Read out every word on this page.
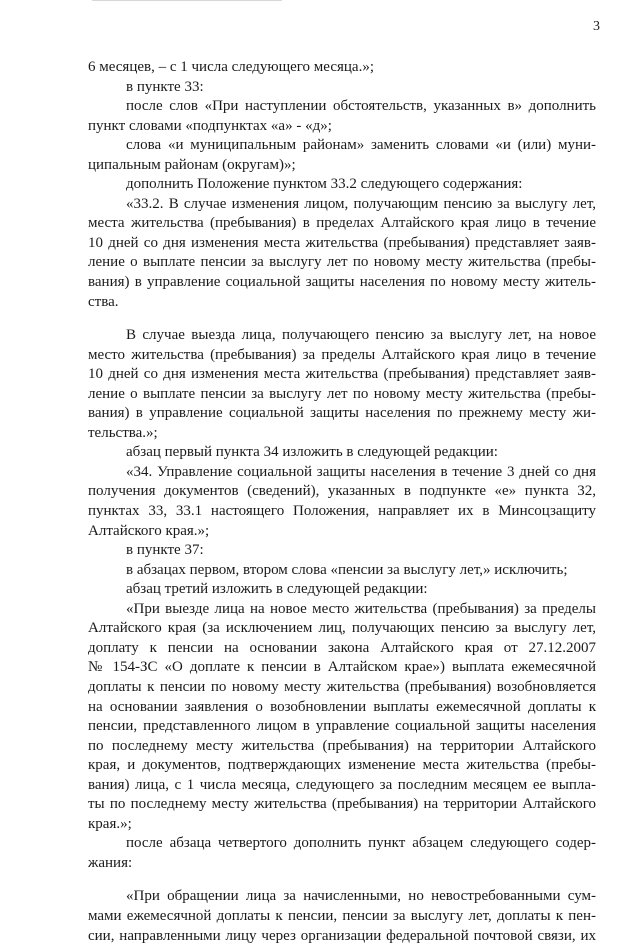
3
6 месяцев, – с 1 числа следующего месяца.»;
в пункте 33:
после слов «При наступлении обстоятельств, указанных в» дополнить
пункт словами «подпунктах «а» - «д»;
слова «и муниципальным районам» заменить словами «и (или) муни-
ципальным районам (округам)»;
дополнить Положение пунктом 33.2 следующего содержания:
«33.2. В случае изменения лицом, получающим пенсию за выслугу лет,
места жительства (пребывания) в пределах Алтайского края лицо в течение
10 дней со дня изменения места жительства (пребывания) представляет заяв-
ление о выплате пенсии за выслугу лет по новому месту жительства (пребы-
вания) в управление социальной защиты населения по новому месту житель-
ства.
В случае выезда лица, получающего пенсию за выслугу лет, на новое
место жительства (пребывания) за пределы Алтайского края лицо в течение
10 дней со дня изменения места жительства (пребывания) представляет заяв-
ление о выплате пенсии за выслугу лет по новому месту жительства (пребы-
вания) в управление социальной защиты населения по прежнему месту жи-
тельства.»;
абзац первый пункта 34 изложить в следующей редакции:
«34. Управление социальной защиты населения в течение 3 дней со дня
получения документов (сведений), указанных в подпункте «е» пункта 32,
пунктах 33, 33.1 настоящего Положения, направляет их в Минсоцзащиту
Алтайского края.»;
в пункте 37:
в абзацах первом, втором слова «пенсии за выслугу лет,» исключить;
абзац третий изложить в следующей редакции:
«При выезде лица на новое место жительства (пребывания) за пределы
Алтайского края (за исключением лиц, получающих пенсию за выслугу лет,
доплату к пенсии на основании закона Алтайского края от 27.12.2007
№ 154-ЗС «О доплате к пенсии в Алтайском крае») выплата ежемесячной
доплаты к пенсии по новому месту жительства (пребывания) возобновляется
на основании заявления о возобновлении выплаты ежемесячной доплаты к
пенсии, представленного лицом в управление социальной защиты населения
по последнему месту жительства (пребывания) на территории Алтайского
края, и документов, подтверждающих изменение места жительства (пребы-
вания) лица, с 1 числа месяца, следующего за последним месяцем ее выпла-
ты по последнему месту жительства (пребывания) на территории Алтайского
края.»;
после абзаца четвертого дополнить пункт абзацем следующего содер-
жания:
«При обращении лица за начисленными, но невостребованными сум-
мами ежемесячной доплаты к пенсии, пенсии за выслугу лет, доплаты к пен-
сии, направленными лицу через организации федеральной почтовой связи, их
